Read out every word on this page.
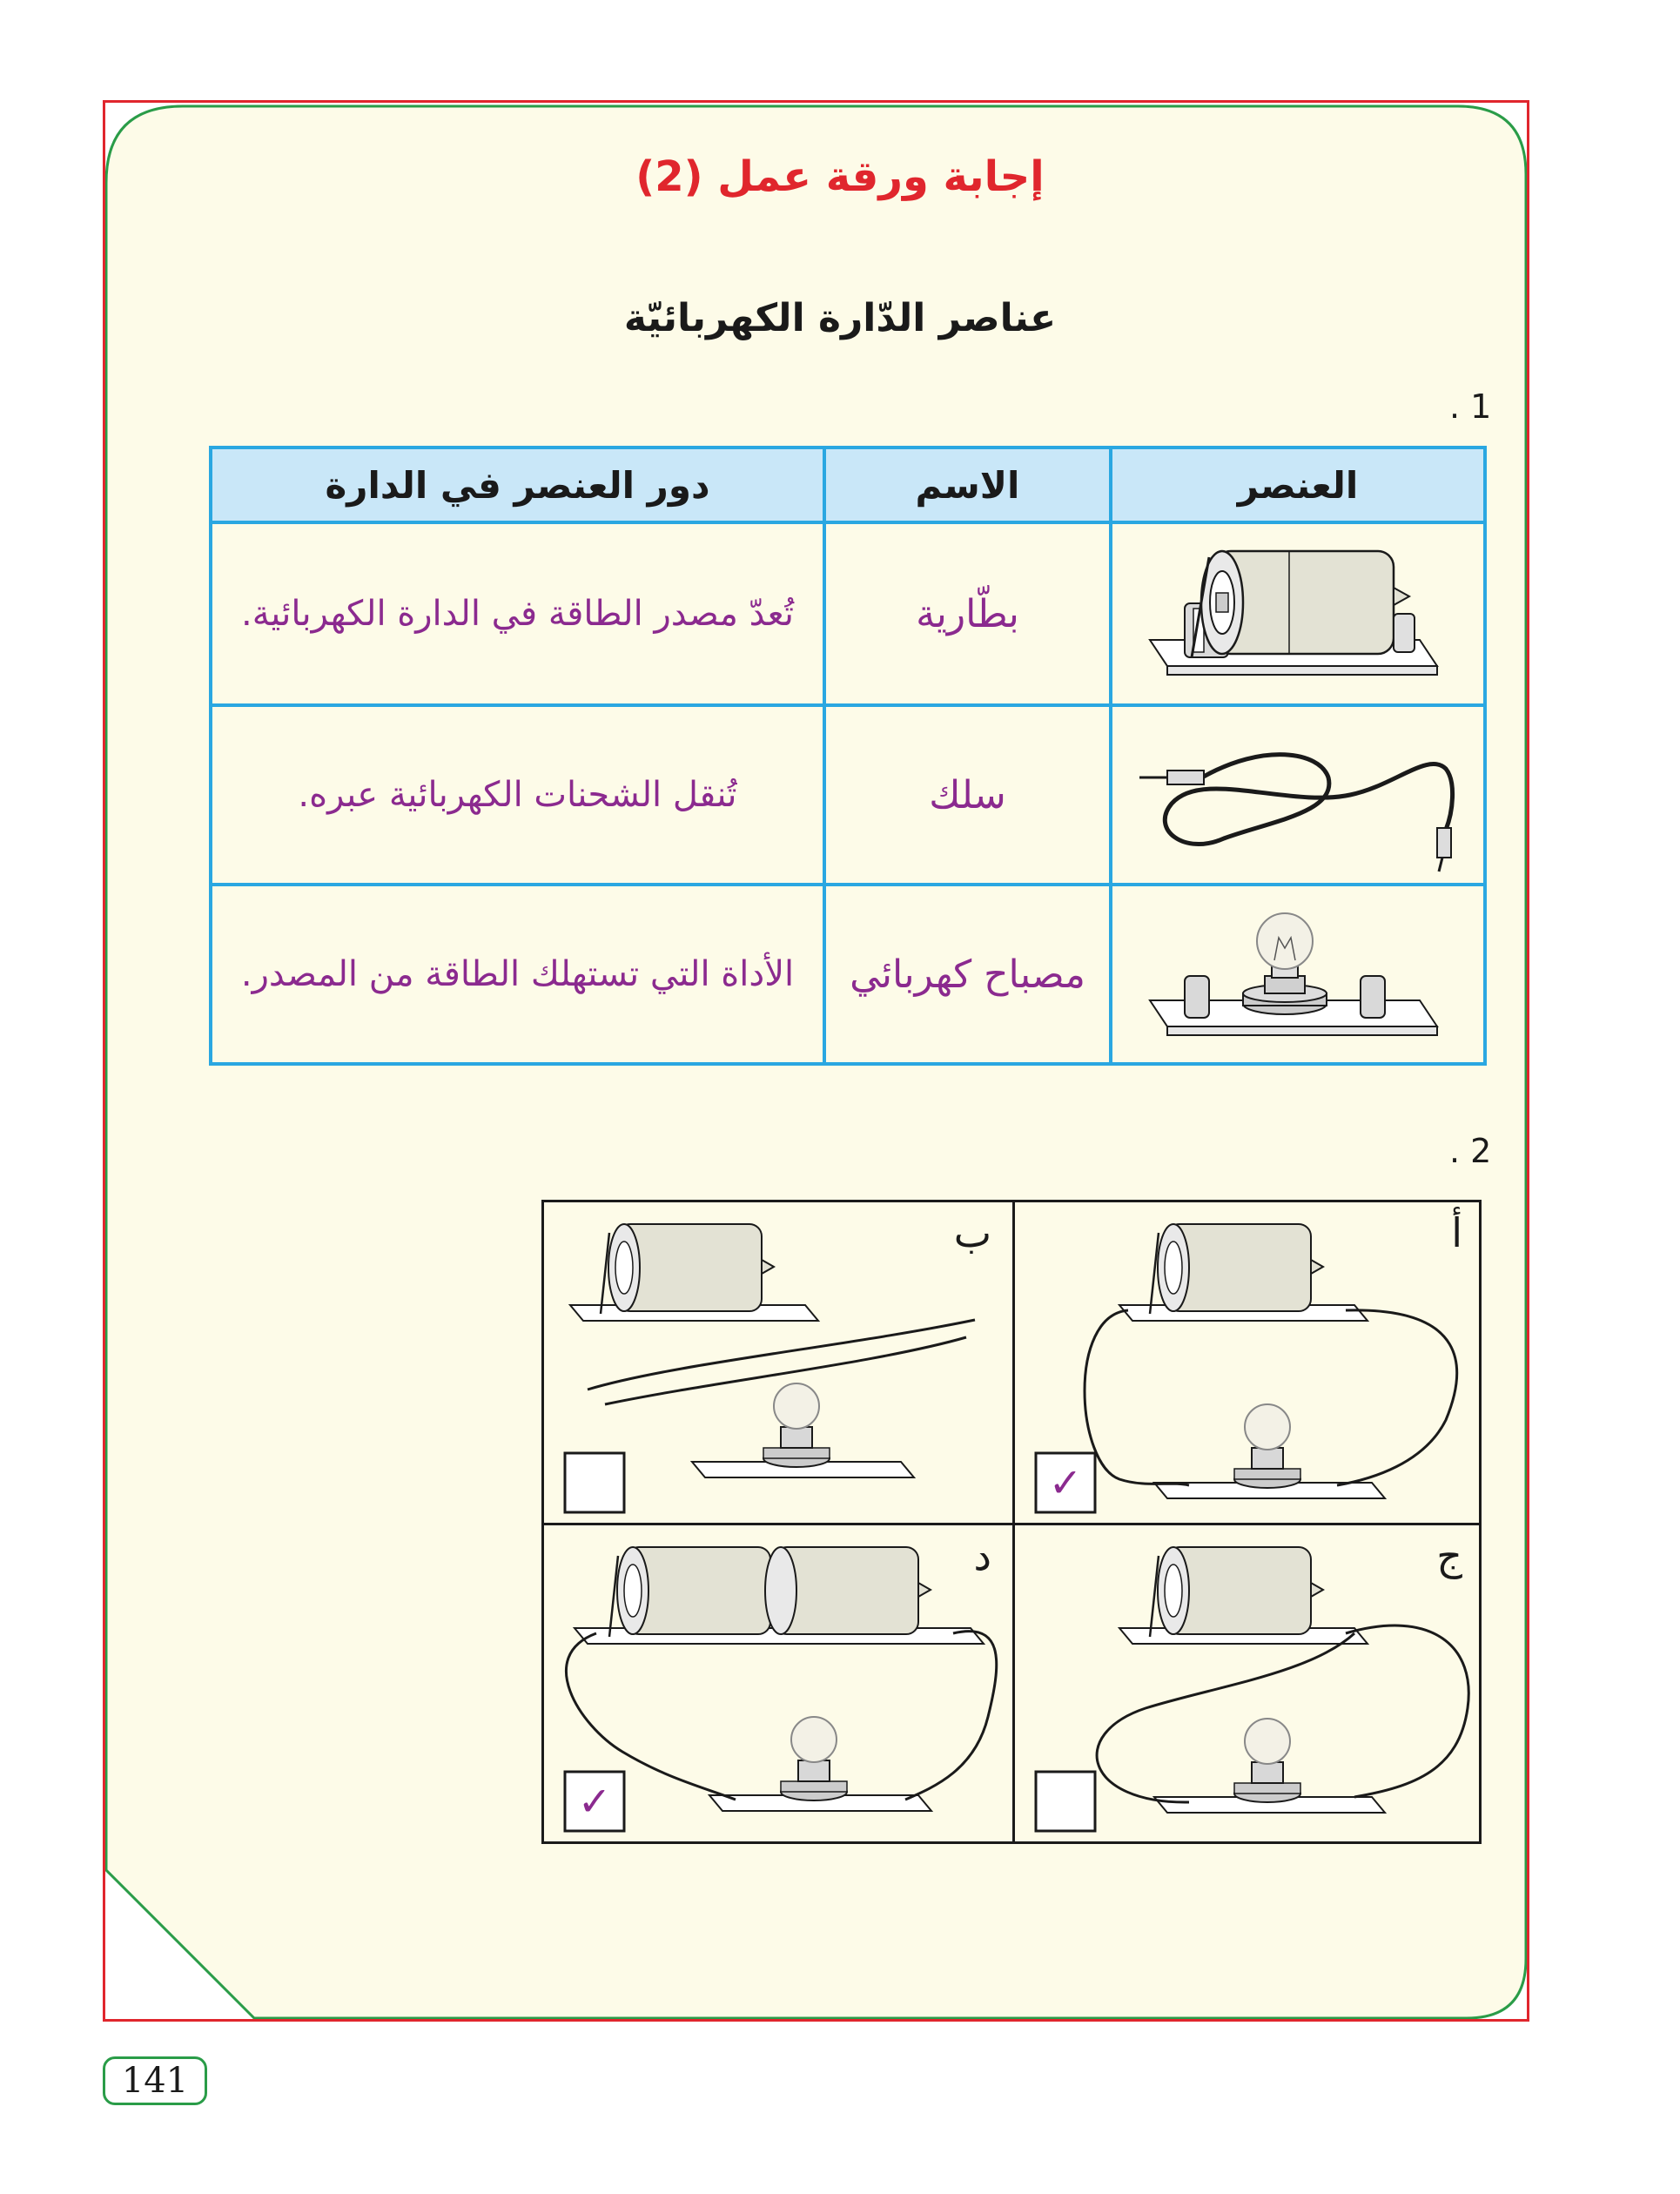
إجابة ورقة عمل (2)
عناصر الدّارة الكهربائيّة
. 1
العنصر	الاسم	دور العنصر في الدارة

	بطّارية	تُعدّ مصدر الطاقة في الدارة الكهربائية.

	سلك	تُنقل الشحنات الكهربائية عبره.

	مصباح كهربائي	الأداة التي تستهلك الطاقة من المصدر.
. 2
✓
أ
ب
ج
✓
د
141
